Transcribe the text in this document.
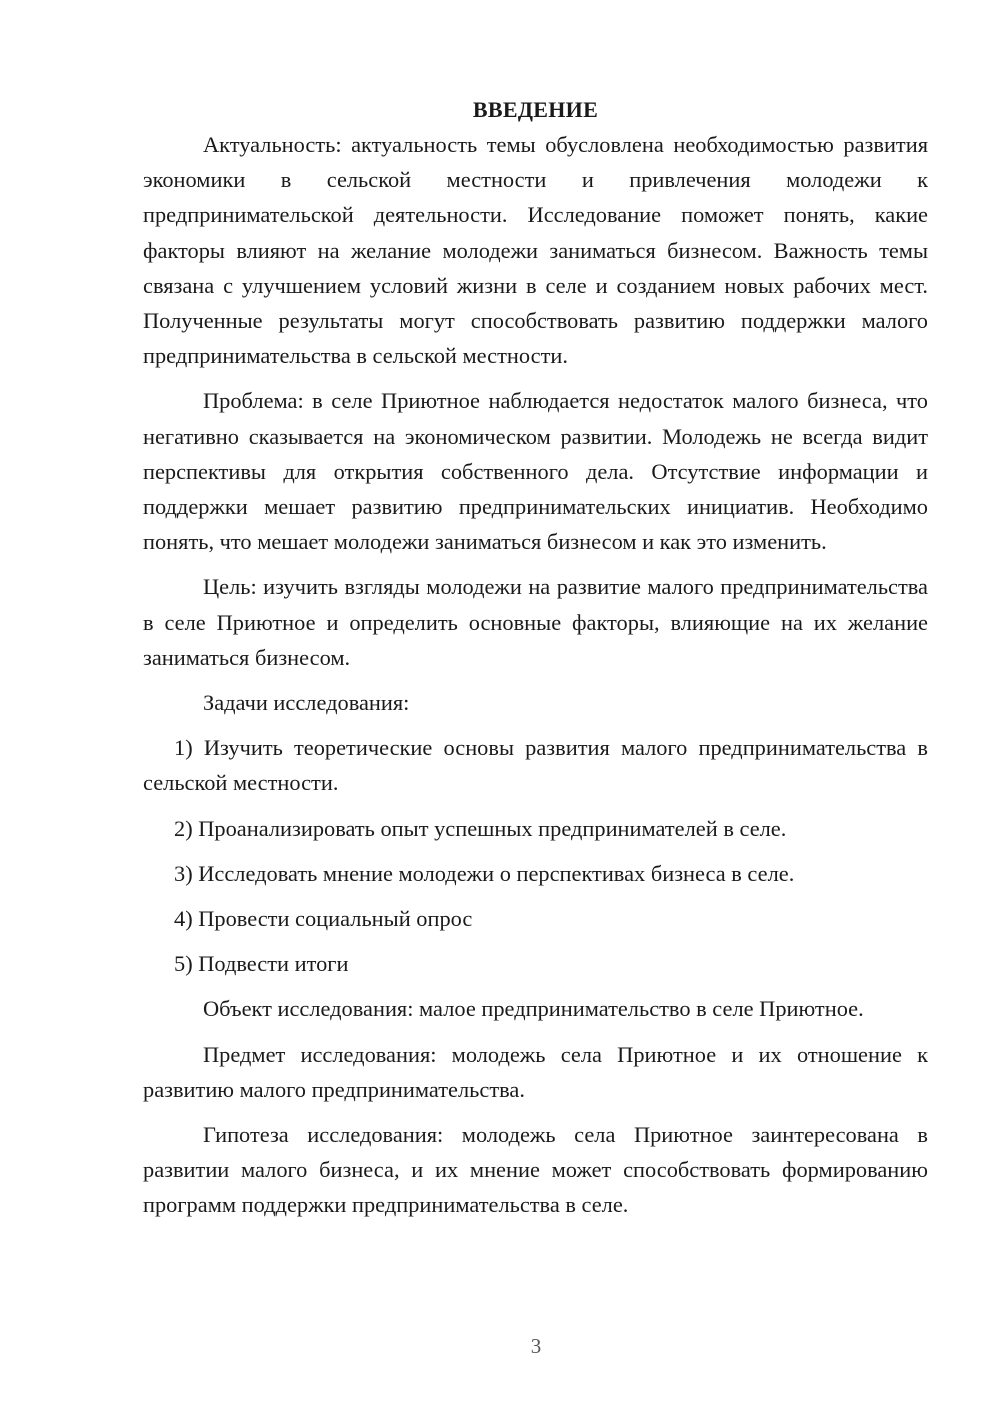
ВВЕДЕНИЕ

Актуальность: актуальность темы обусловлена необходимостью развития экономики в сельской местности и привлечения молодежи к предпринимательской деятельности. Исследование поможет понять, какие факторы влияют на желание молодежи заниматься бизнесом. Важность темы связана с улучшением условий жизни в селе и созданием новых рабочих мест. Полученные результаты могут способствовать развитию поддержки малого предпринимательства в сельской местности.

Проблема: в селе Приютное наблюдается недостаток малого бизнеса, что негативно сказывается на экономическом развитии. Молодежь не всегда видит перспективы для открытия собственного дела. Отсутствие информации и поддержки мешает развитию предпринимательских инициатив. Необходимо понять, что мешает молодежи заниматься бизнесом и как это изменить.

Цель: изучить взгляды молодежи на развитие малого предпринимательства в селе Приютное и определить основные факторы, влияющие на их желание заниматься бизнесом.

Задачи исследования:

1) Изучить теоретические основы развития малого предпринимательства в сельской местности.

2) Проанализировать опыт успешных предпринимателей в селе.

3) Исследовать мнение молодежи о перспективах бизнеса в селе.

4) Провести социальный опрос

5) Подвести итоги

Объект исследования: малое предпринимательство в селе Приютное.

Предмет исследования: молодежь села Приютное и их отношение к развитию малого предпринимательства.

Гипотеза исследования: молодежь села Приютное заинтересована в развитии малого бизнеса, и их мнение может способствовать формированию программ поддержки предпринимательства в селе.

3
